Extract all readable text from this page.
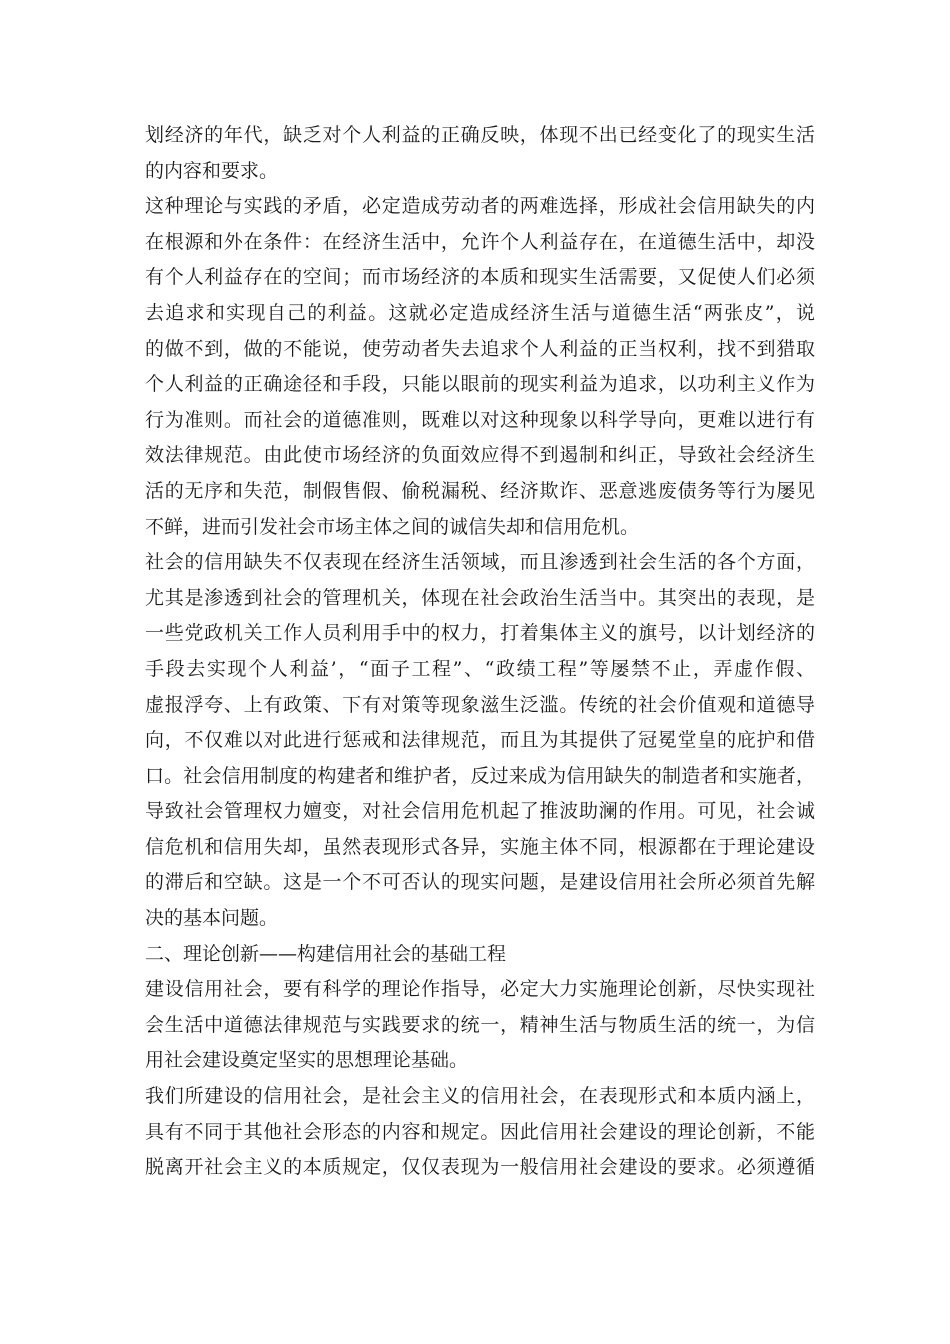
划经济的年代，缺乏对个人利益的正确反映，体现不出已经变化了的现实生活
的内容和要求。
这种理论与实践的矛盾，必定造成劳动者的两难选择，形成社会信用缺失的内
在根源和外在条件：在经济生活中，允许个人利益存在，在道德生活中，却没
有个人利益存在的空间；而市场经济的本质和现实生活需要，又促使人们必须
去追求和实现自己的利益。这就必定造成经济生活与道德生活“两张皮”，说
的做不到，做的不能说，使劳动者失去追求个人利益的正当权利，找不到猎取
个人利益的正确途径和手段，只能以眼前的现实利益为追求，以功利主义作为
行为准则。而社会的道德准则，既难以对这种现象以科学导向，更难以进行有
效法律规范。由此使市场经济的负面效应得不到遏制和纠正，导致社会经济生
活的无序和失范，制假售假、偷税漏税、经济欺诈、恶意逃废债务等行为屡见
不鲜，进而引发社会市场主体之间的诚信失却和信用危机。
社会的信用缺失不仅表现在经济生活领域，而且渗透到社会生活的各个方面，
尤其是渗透到社会的管理机关，体现在社会政治生活当中。其突出的表现，是
一些党政机关工作人员利用手中的权力，打着集体主义的旗号，以计划经济的
手段去实现个人利益’，“面子工程”、“政绩工程”等屡禁不止，弄虚作假、
虚报浮夸、上有政策、下有对策等现象滋生泛滥。传统的社会价值观和道德导
向，不仅难以对此进行惩戒和法律规范，而且为其提供了冠冕堂皇的庇护和借
口。社会信用制度的构建者和维护者，反过来成为信用缺失的制造者和实施者，
导致社会管理权力嬗变，对社会信用危机起了推波助澜的作用。可见，社会诚
信危机和信用失却，虽然表现形式各异，实施主体不同，根源都在于理论建设
的滞后和空缺。这是一个不可否认的现实问题，是建设信用社会所必须首先解
决的基本问题。
二、理论创新——构建信用社会的基础工程
建设信用社会，要有科学的理论作指导，必定大力实施理论创新，尽快实现社
会生活中道德法律规范与实践要求的统一，精神生活与物质生活的统一，为信
用社会建设奠定坚实的思想理论基础。
我们所建设的信用社会，是社会主义的信用社会，在表现形式和本质内涵上，
具有不同于其他社会形态的内容和规定。因此信用社会建设的理论创新，不能
脱离开社会主义的本质规定，仅仅表现为一般信用社会建设的要求。必须遵循
